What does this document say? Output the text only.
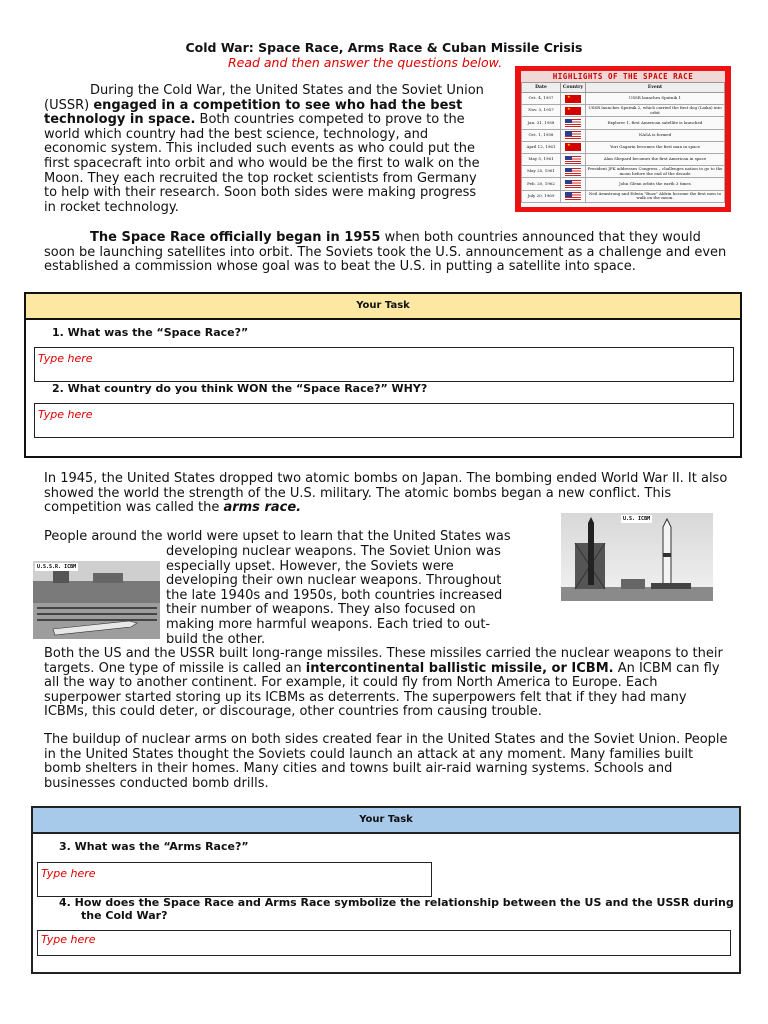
Cold War: Space Race, Arms Race & Cuban Missile Crisis
Read and then answer the questions below.
During the Cold War, the United States and the Soviet Union (USSR) engaged in a competition to see who had the best technology in space. Both countries competed to prove to the world which country had the best science, technology, and economic system. This included such events as who could put the first spacecraft into orbit and who would be the first to walk on the Moon. They each recruited the top rocket scientists from Germany to help with their research. Soon both sides were making progress in rocket technology.
HIGHLIGHTS OF THE SPACE RACE
Date	Country	Event
Oct. 4, 1957	★	USSR launches Sputnik 1
Nov. 3, 1957	★	USSR launches Sputnik 2, which carried the first dog (Laika) into orbit
Jan. 31, 1958		Explorer 1, first American satellite is launched
Oct. 1, 1958		NASA is formed
April 12, 1961	★	Yuri Gagarin becomes the first man in space
May 5, 1961		Alan Shepard becomes the first American in space
May 25, 1961		President JFK addresses Congress – challenges nation to go to the moon before the end of the decade
Feb. 20, 1962		John Glenn orbits the earth 3 times
July 20, 1969		Neil Armstrong and Edwin "Buzz" Aldrin become the first men to walk on the moon.
The Space Race officially began in 1955 when both countries announced that they would soon be launching satellites into orbit. The Soviets took the U.S. announcement as a challenge and even established a commission whose goal was to beat the U.S. in putting a satellite into space.
Your Task
1. What was the “Space Race?”
Type here
2. What country do you think WON the “Space Race?” WHY?
Type here
In 1945, the United States dropped two atomic bombs on Japan. The bombing ended World War II. It also showed the world the strength of the U.S. military. The atomic bombs began a new conflict. This competition was called the arms race.
U.S. ICBM
U.S.S.R. ICBM
People around the world were upset to learn that the United States was
developing nuclear weapons. The Soviet Union was especially upset. However, the Soviets were developing their own nuclear weapons. Throughout the late 1940s and 1950s, both countries increased their number of weapons. They also focused on making more harmful weapons. Each tried to out-build the other.
Both the US and the USSR built long-range missiles. These missiles carried the nuclear weapons to their targets. One type of missile is called an intercontinental ballistic missile, or ICBM. An ICBM can fly all the way to another continent. For example, it could fly from North America to Europe. Each superpower started storing up its ICBMs as deterrents. The superpowers felt that if they had many ICBMs, this could deter, or discourage, other countries from causing trouble.
The buildup of nuclear arms on both sides created fear in the United States and the Soviet Union. People in the United States thought the Soviets could launch an attack at any moment. Many families built bomb shelters in their homes. Many cities and towns built air-raid warning systems. Schools and businesses conducted bomb drills.
Your Task
3. What was the “Arms Race?”
Type here
4. How does the Space Race and Arms Race symbolize the relationship between the US and the USSR during the Cold War?
Type here
